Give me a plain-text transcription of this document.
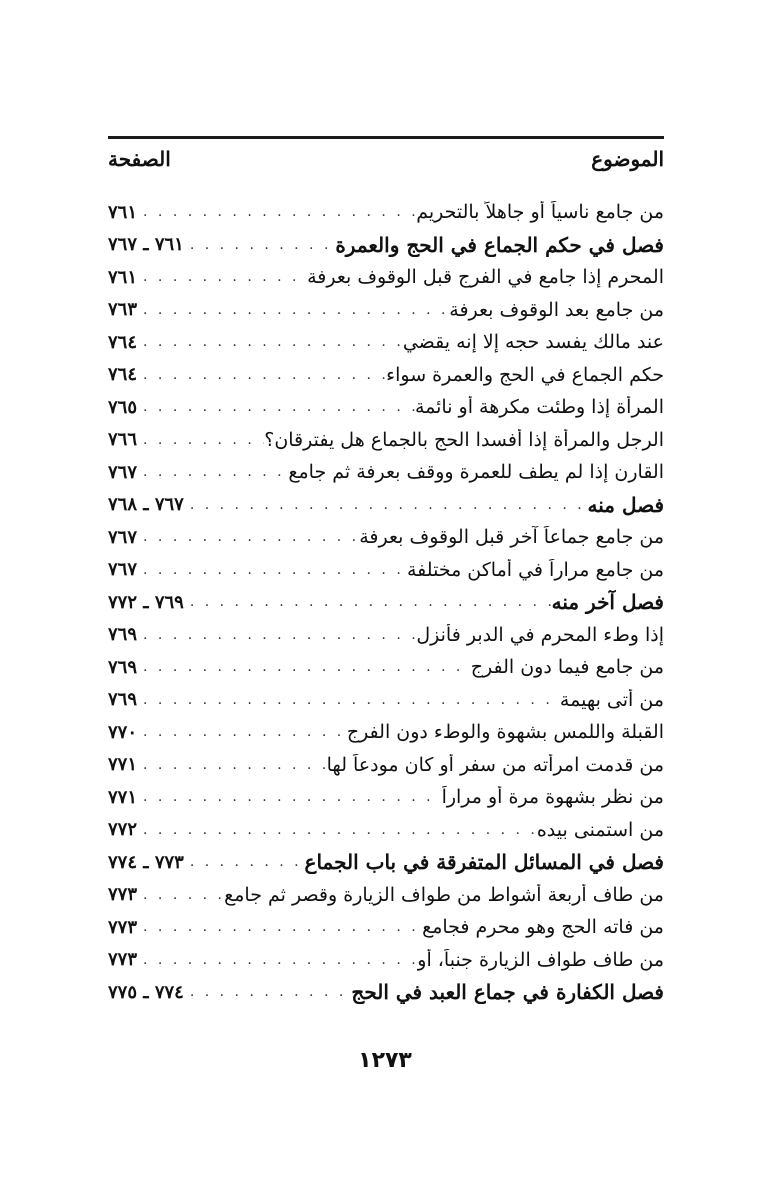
الموضوع
الصفحة
من جامع ناسياً أو جاهلاً بالتحريم
. . .
٧٦١
فصل في حكم الجماع في الحج والعمرة
. . .
٧٦١ ـ ٧٦٧
المحرم إذا جامع في الفرج قبل الوقوف بعرفة
. . .
٧٦١
من جامع بعد الوقوف بعرفة
. . .
٧٦٣
عند مالك يفسد حجه إلا إنه يقضي
. . .
٧٦٤
حكم الجماع في الحج والعمرة سواء
. . .
٧٦٤
المرأة إذا وطئت مكرهة أو نائمة
. . .
٧٦٥
الرجل والمرأة إذا أفسدا الحج بالجماع هل يفترقان؟
. . .
٧٦٦
القارن إذا لم يطف للعمرة ووقف بعرفة ثم جامع
. . .
٧٦٧
فصل منه
. . .
٧٦٧ ـ ٧٦٨
من جامع جماعاً آخر قبل الوقوف بعرفة
. . .
٧٦٧
من جامع مراراً في أماكن مختلفة
. . .
٧٦٧
فصل آخر منه
. . .
٧٦٩ ـ ٧٧٢
إذا وطء المحرم في الدبر فأنزل
. . .
٧٦٩
من جامع فيما دون الفرج
. . .
٧٦٩
من أتى بهيمة
. . .
٧٦٩
القبلة واللمس بشهوة والوطء دون الفرج
. . .
٧٧٠
من قدمت امرأته من سفر أو كان مودعاً لها
. . .
٧٧١
من نظر بشهوة مرة أو مراراً
. . .
٧٧١
من استمنى بيده
. . .
٧٧٢
فصل في المسائل المتفرقة في باب الجماع
. . .
٧٧٣ ـ ٧٧٤
من طاف أربعة أشواط من طواف الزيارة وقصر ثم جامع
. . .
٧٧٣
من فاته الحج وهو محرم فجامع
. . .
٧٧٣
من طاف طواف الزيارة جنباً، أو
. . .
٧٧٣
فصل الكفارة في جماع العبد في الحج
. . .
٧٧٤ ـ ٧٧٥
١٢٧٣
